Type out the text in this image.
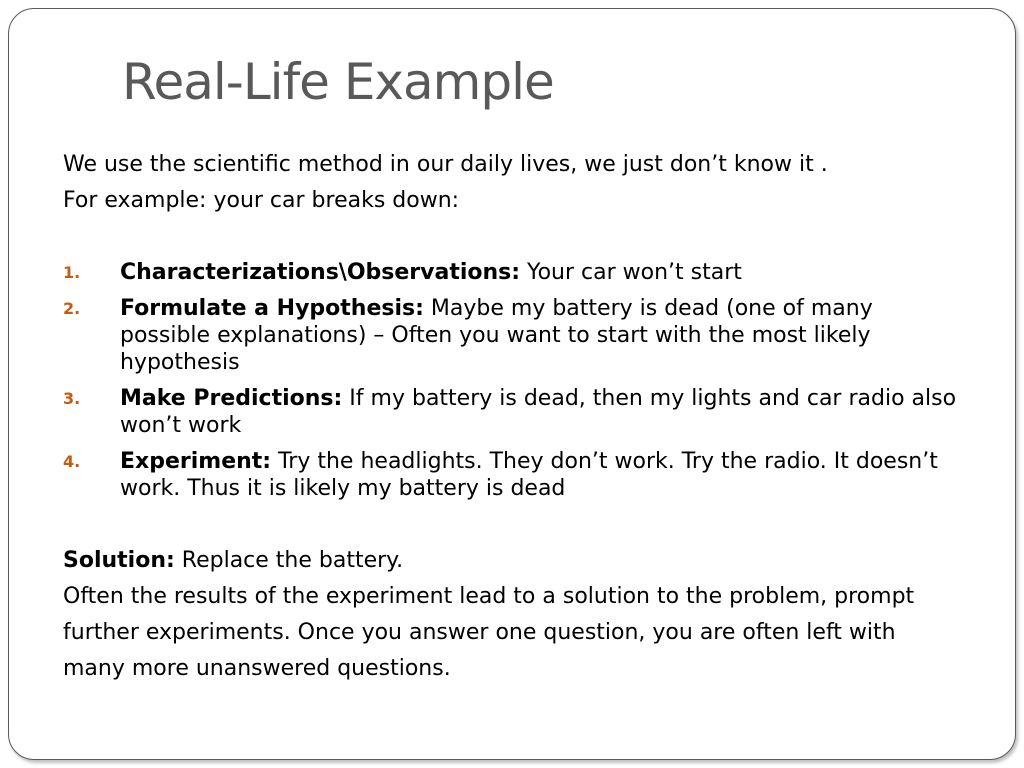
Real-Life Example

We use the scientific method in our daily lives, we just don’t know it .

For example: your car breaks down:

1. Characterizations\Observations: Your car won’t start
2. Formulate a Hypothesis: Maybe my battery is dead (one of many possible explanations) – Often you want to start with the most likely hypothesis
3. Make Predictions: If my battery is dead, then my lights and car radio also won’t work
4. Experiment: Try the headlights. They don’t work. Try the radio. It doesn’t work. Thus it is likely my battery is dead

Solution: Replace the battery.

Often the results of the experiment lead to a solution to the problem, prompt

further experiments. Once you answer one question, you are often left with

many more unanswered questions.
